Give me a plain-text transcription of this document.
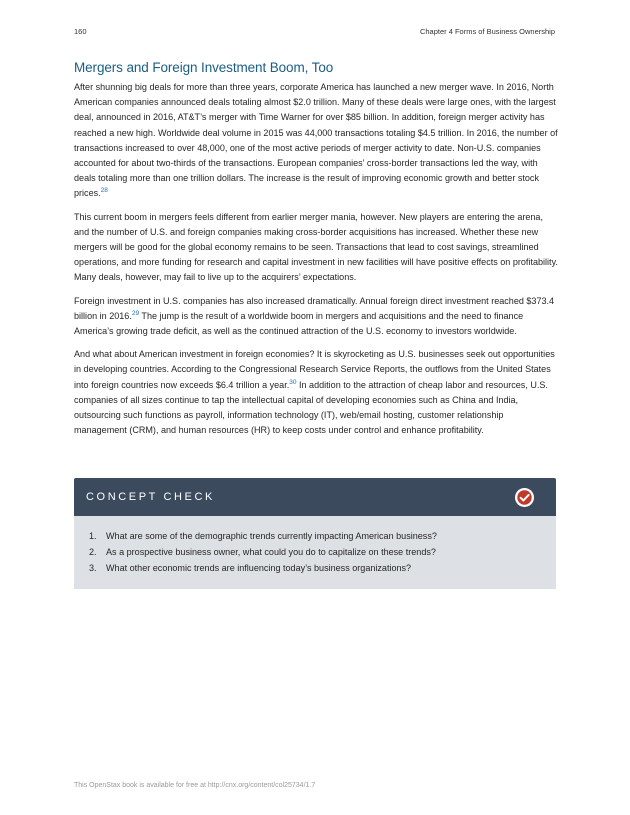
160	Chapter 4 Forms of Business Ownership
Mergers and Foreign Investment Boom, Too

After shunning big deals for more than three years, corporate America has launched a new merger wave. In 2016, North American companies announced deals totaling almost $2.0 trillion. Many of these deals were large ones, with the largest deal, announced in 2016, AT&T’s merger with Time Warner for over $85 billion. In addition, foreign merger activity has reached a new high. Worldwide deal volume in 2015 was 44,000 transactions totaling $4.5 trillion. In 2016, the number of transactions increased to over 48,000, one of the most active periods of merger activity to date. Non-U.S. companies accounted for about two-thirds of the transactions. European companies’ cross-border transactions led the way, with deals totaling more than one trillion dollars. The increase is the result of improving economic growth and better stock prices.$^{28}$

This current boom in mergers feels different from earlier merger mania, however. New players are entering the arena, and the number of U.S. and foreign companies making cross-border acquisitions has increased. Whether these new mergers will be good for the global economy remains to be seen. Transactions that lead to cost savings, streamlined operations, and more funding for research and capital investment in new facilities will have positive effects on profitability. Many deals, however, may fail to live up to the acquirers’ expectations.

Foreign investment in U.S. companies has also increased dramatically. Annual foreign direct investment reached $373.4 billion in 2016.29 The jump is the result of a worldwide boom in mergers and acquisitions and the need to finance America’s growing trade deficit, as well as the continued attraction of the U.S. economy to investors worldwide.

And what about American investment in foreign economies? It is skyrocketing as U.S. businesses seek out opportunities in developing countries. According to the Congressional Research Service Reports, the outflows from the United States into foreign countries now exceeds $6.4 trillion a year.$^{30}$ In addition to the attraction of cheap labor and resources, U.S. companies of all sizes continue to tap the intellectual capital of developing economies such as China and India, outsourcing such functions as payroll, information technology (IT), web/email hosting, customer relationship management (CRM), and human resources (HR) to keep costs under control and enhance profitability.

CONCEPT CHECK
1. What are some of the demographic trends currently impacting American business?
2. As a prospective business owner, what could you do to capitalize on these trends?
3. What other economic trends are influencing today’s business organizations?
This OpenStax book is available for free at http://cnx.org/content/col25734/1.7
